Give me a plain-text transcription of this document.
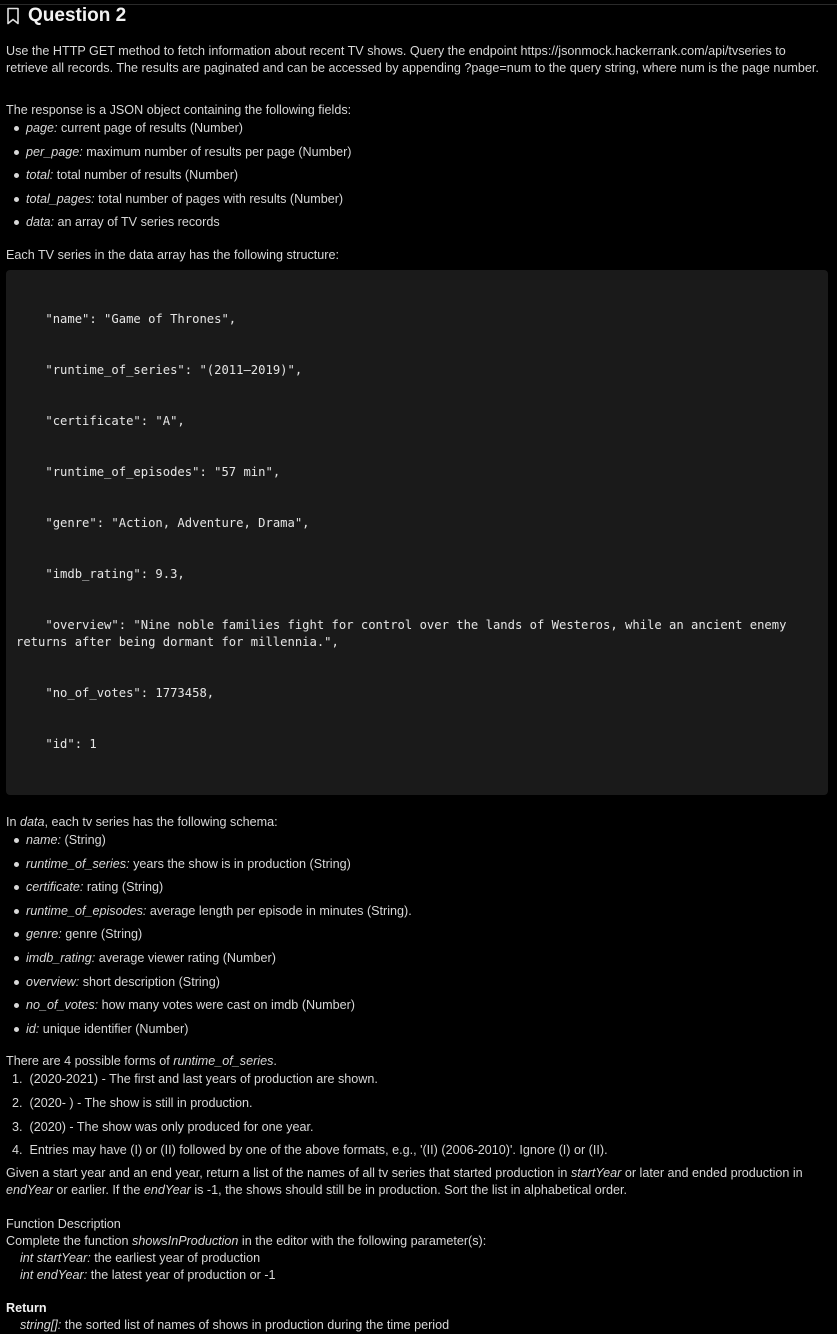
Question 2

Use the HTTP GET method to fetch information about recent TV shows. Query the endpoint https://jsonmock.hackerrank.com/api/tvseries to retrieve all records. The results are paginated and can be accessed by appending ?page=num to the query string, where num is the page number.

The response is a JSON object containing the following fields:

page: current page of results (Number)
per_page: maximum number of results per page (Number)
total: total number of results (Number)
total_pages: total number of pages with results (Number)
data: an array of TV series records

Each TV series in the data array has the following structure:

"name": "Game of Thrones",

"runtime_of_series": "(2011–2019)",

"certificate": "A",

"runtime_of_episodes": "57 min",

"genre": "Action, Adventure, Drama",

"imdb_rating": 9.3,

"overview": "Nine noble families fight for control over the lands of Westeros, while an ancient enemy returns after being dormant for millennia.",

"no_of_votes": 1773458,

"id": 1

In data, each tv series has the following schema:

name: (String)
runtime_of_series: years the show is in production (String)
certificate: rating (String)
runtime_of_episodes: average length per episode in minutes (String).
genre: genre (String)
imdb_rating: average viewer rating (Number)
overview: short description (String)
no_of_votes: how many votes were cast on imdb (Number)
id: unique identifier (Number)

There are 4 possible forms of runtime_of_series.

1. (2020-2021) - The first and last years of production are shown.
2. (2020- ) - The show is still in production.
3. (2020) - The show was only produced for one year.
4. Entries may have (I) or (II) followed by one of the above formats, e.g., '(II) (2006-2010)'. Ignore (I) or (II).

Given a start year and an end year, return a list of the names of all tv series that started production in startYear or later and ended production in endYear or earlier. If the endYear is -1, the shows should still be in production. Sort the list in alphabetical order.

Function Description

Complete the function showsInProduction in the editor with the following parameter(s):

int startYear: the earliest year of production

int endYear: the latest year of production or -1

Return

string[]: the sorted list of names of shows in production during the time period
